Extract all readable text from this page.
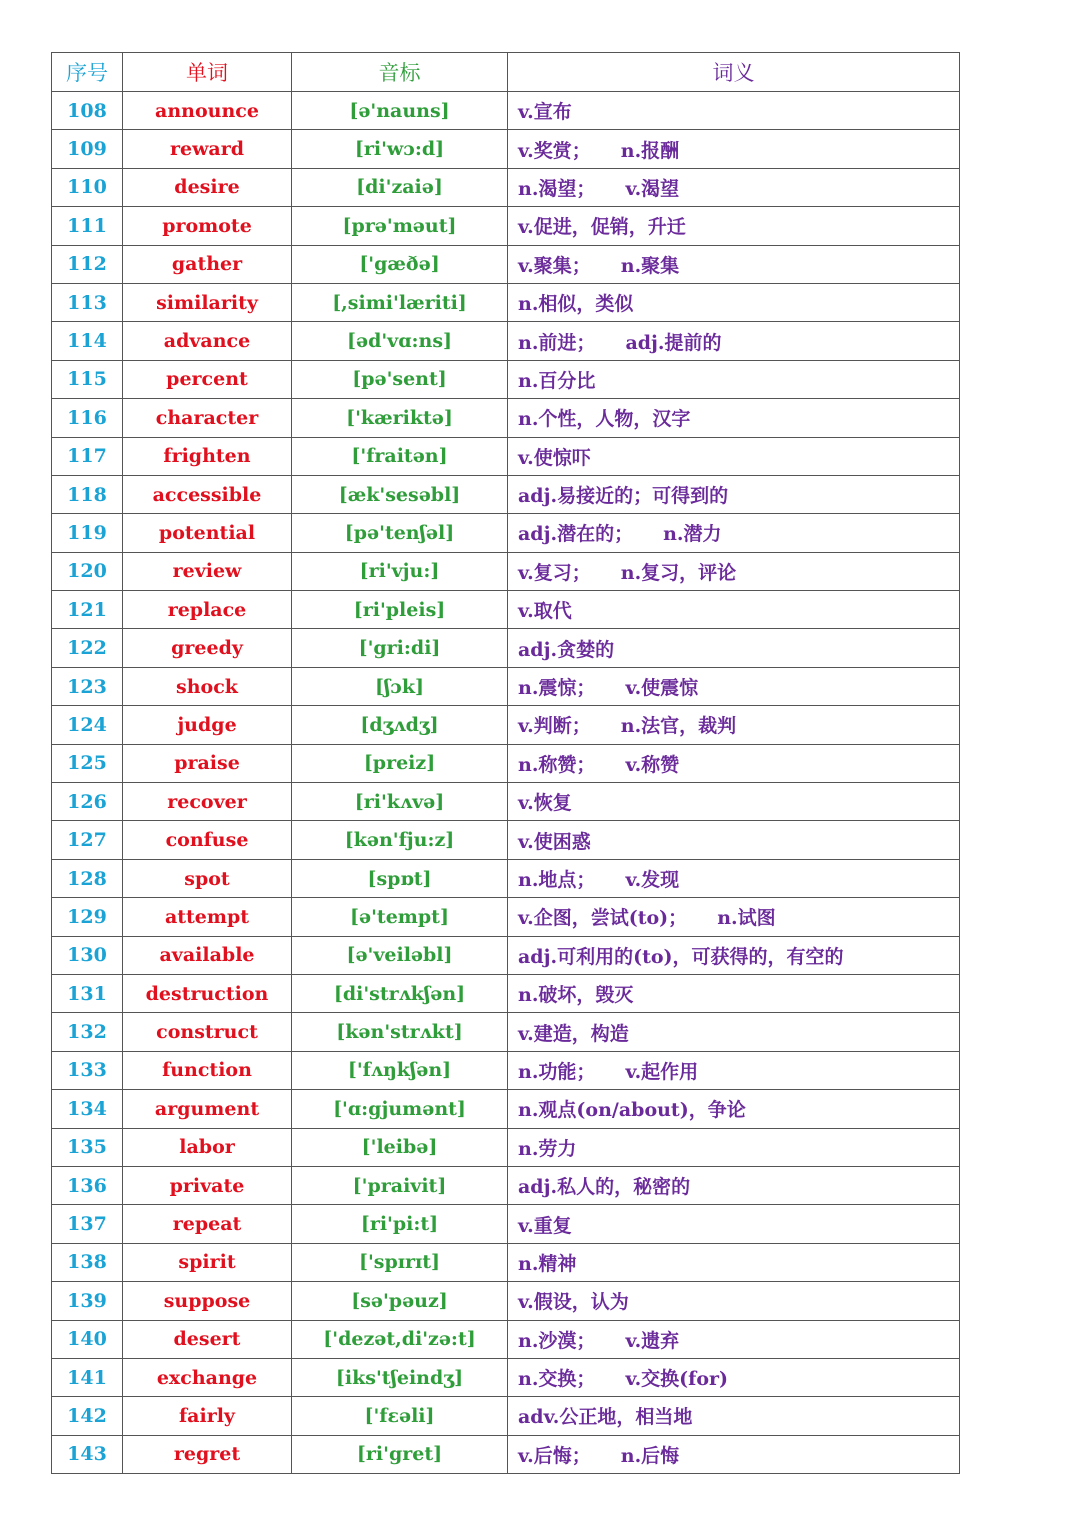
序号	单词	音标	词义
108	announce	[ə'nauns]	v.宣布
109	reward	[ri'wɔ:d]	v.奖赏； n.报酬
110	desire	[di'zaiə]	n.渴望； v.渴望
111	promote	[prə'məut]	v.促进，促销，升迁
112	gather	['gæðə]	v.聚集； n.聚集
113	similarity	[,simi'læriti]	n.相似，类似
114	advance	[əd'vɑ:ns]	n.前进； adj.提前的
115	percent	[pə'sent]	n.百分比
116	character	['kæriktə]	n.个性，人物，汉字
117	frighten	['fraitən]	v.使惊吓
118	accessible	[æk'sesəbl]	adj.易接近的；可得到的
119	potential	[pə'tenʃəl]	adj.潜在的； n.潜力
120	review	[ri'vju:]	v.复习； n.复习，评论
121	replace	[ri'pleis]	v.取代
122	greedy	['gri:di]	adj.贪婪的
123	shock	[ʃɔk]	n.震惊； v.使震惊
124	judge	[dʒʌdʒ]	v.判断； n.法官，裁判
125	praise	[preiz]	n.称赞； v.称赞
126	recover	[ri'kʌvə]	v.恢复
127	confuse	[kən'fju:z]	v.使困惑
128	spot	[spɒt]	n.地点； v.发现
129	attempt	[ə'tempt]	v.企图，尝试(to)； n.试图
130	available	[ə'veiləbl]	adj.可利用的(to)，可获得的，有空的
131	destruction	[di'strʌkʃən]	n.破坏，毁灭
132	construct	[kən'strʌkt]	v.建造，构造
133	function	['fʌŋkʃən]	n.功能； v.起作用
134	argument	['ɑ:gjumənt]	n.观点(on/about)，争论
135	labor	['leibə]	n.劳力
136	private	['praivit]	adj.私人的，秘密的
137	repeat	[ri'pi:t]	v.重复
138	spirit	['spɪrɪt]	n.精神
139	suppose	[sə'pəuz]	v.假设，认为
140	desert	['dezət,di'zə:t]	n.沙漠； v.遗弃
141	exchange	[iks'tʃeindʒ]	n.交换； v.交换(for)
142	fairly	['fɛəli]	adv.公正地，相当地
143	regret	[ri'gret]	v.后悔； n.后悔
